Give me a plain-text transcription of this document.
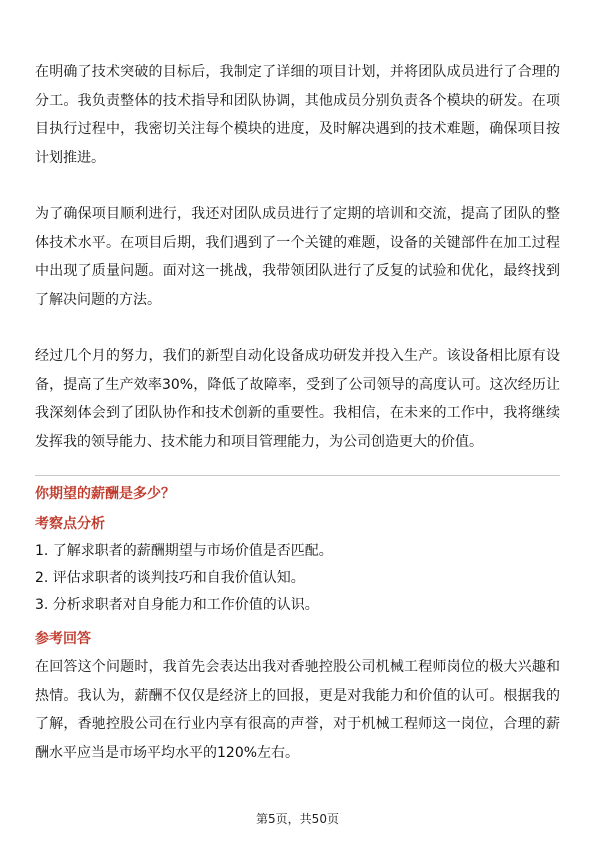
在明确了技术突破的目标后，我制定了详细的项目计划，并将团队成员进行了合理的分工。我负责整体的技术指导和团队协调，其他成员分别负责各个模块的研发。在项目执行过程中，我密切关注每个模块的进度，及时解决遇到的技术难题，确保项目按计划推进。

为了确保项目顺利进行，我还对团队成员进行了定期的培训和交流，提高了团队的整体技术水平。在项目后期，我们遇到了一个关键的难题，设备的关键部件在加工过程中出现了质量问题。面对这一挑战，我带领团队进行了反复的试验和优化，最终找到了解决问题的方法。

经过几个月的努力，我们的新型自动化设备成功研发并投入生产。该设备相比原有设备，提高了生产效率30%，降低了故障率，受到了公司领导的高度认可。这次经历让我深刻体会到了团队协作和技术创新的重要性。我相信，在未来的工作中，我将继续发挥我的领导能力、技术能力和项目管理能力，为公司创造更大的价值。

你期望的薪酬是多少？

考察点分析

1. 了解求职者的薪酬期望与市场价值是否匹配。
2. 评估求职者的谈判技巧和自我价值认知。
3. 分析求职者对自身能力和工作价值的认识。

参考回答

在回答这个问题时，我首先会表达出我对香驰控股公司机械工程师岗位的极大兴趣和热情。我认为，薪酬不仅仅是经济上的回报，更是对我能力和价值的认可。根据我的了解，香驰控股公司在行业内享有很高的声誉，对于机械工程师这一岗位，合理的薪酬水平应当是市场平均水平的120%左右。

第5页，共50页
